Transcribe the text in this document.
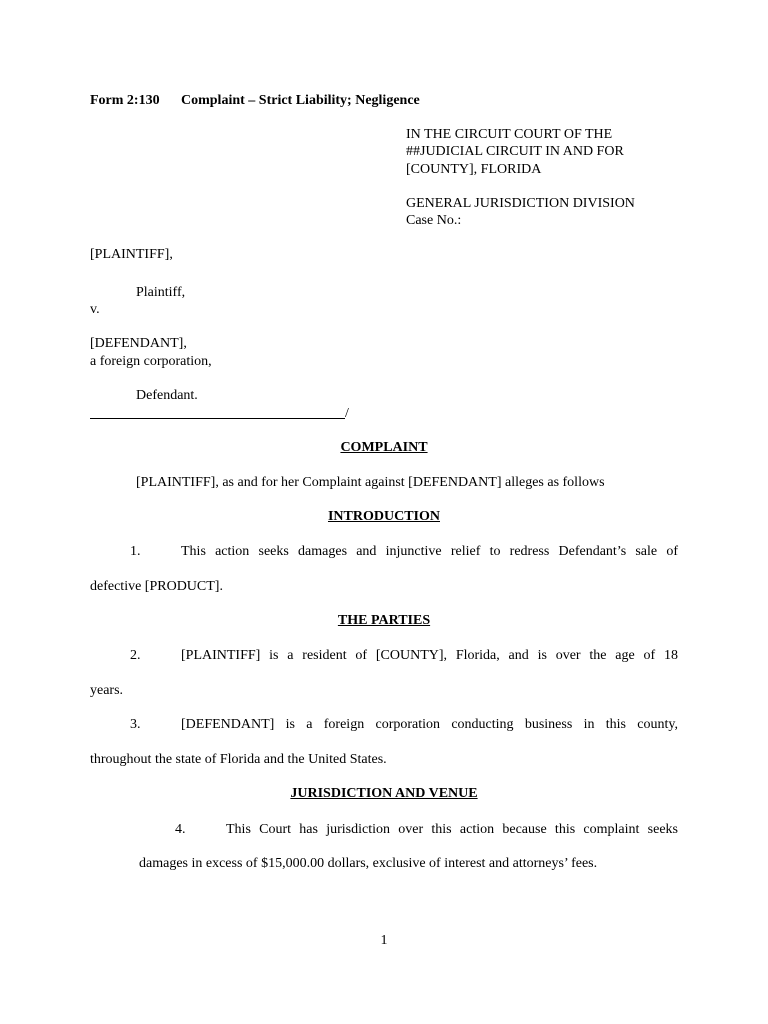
Form 2:130 Complaint – Strict Liability; Negligence
IN THE CIRCUIT COURT OF THE
##JUDICIAL CIRCUIT IN AND FOR
[COUNTY], FLORIDA
GENERAL JURISDICTION DIVISION
Case No.:
[PLAINTIFF],
Plaintiff,
v.
[DEFENDANT],
a foreign corporation,
Defendant.
/
COMPLAINT
[PLAINTIFF], as and for her Complaint against [DEFENDANT] alleges as follows
INTRODUCTION
1.	This action seeks damages and injunctive relief to redress Defendant’s sale of
defective [PRODUCT].
THE PARTIES
2.	[PLAINTIFF] is a resident of [COUNTY], Florida, and is over the age of 18
years.
3.	[DEFENDANT] is a foreign corporation conducting business in this county,
throughout the state of Florida and the United States.
JURISDICTION AND VENUE
4.	This Court has jurisdiction over this action because this complaint seeks
damages in excess of $15,000.00 dollars, exclusive of interest and attorneys’ fees.
1
